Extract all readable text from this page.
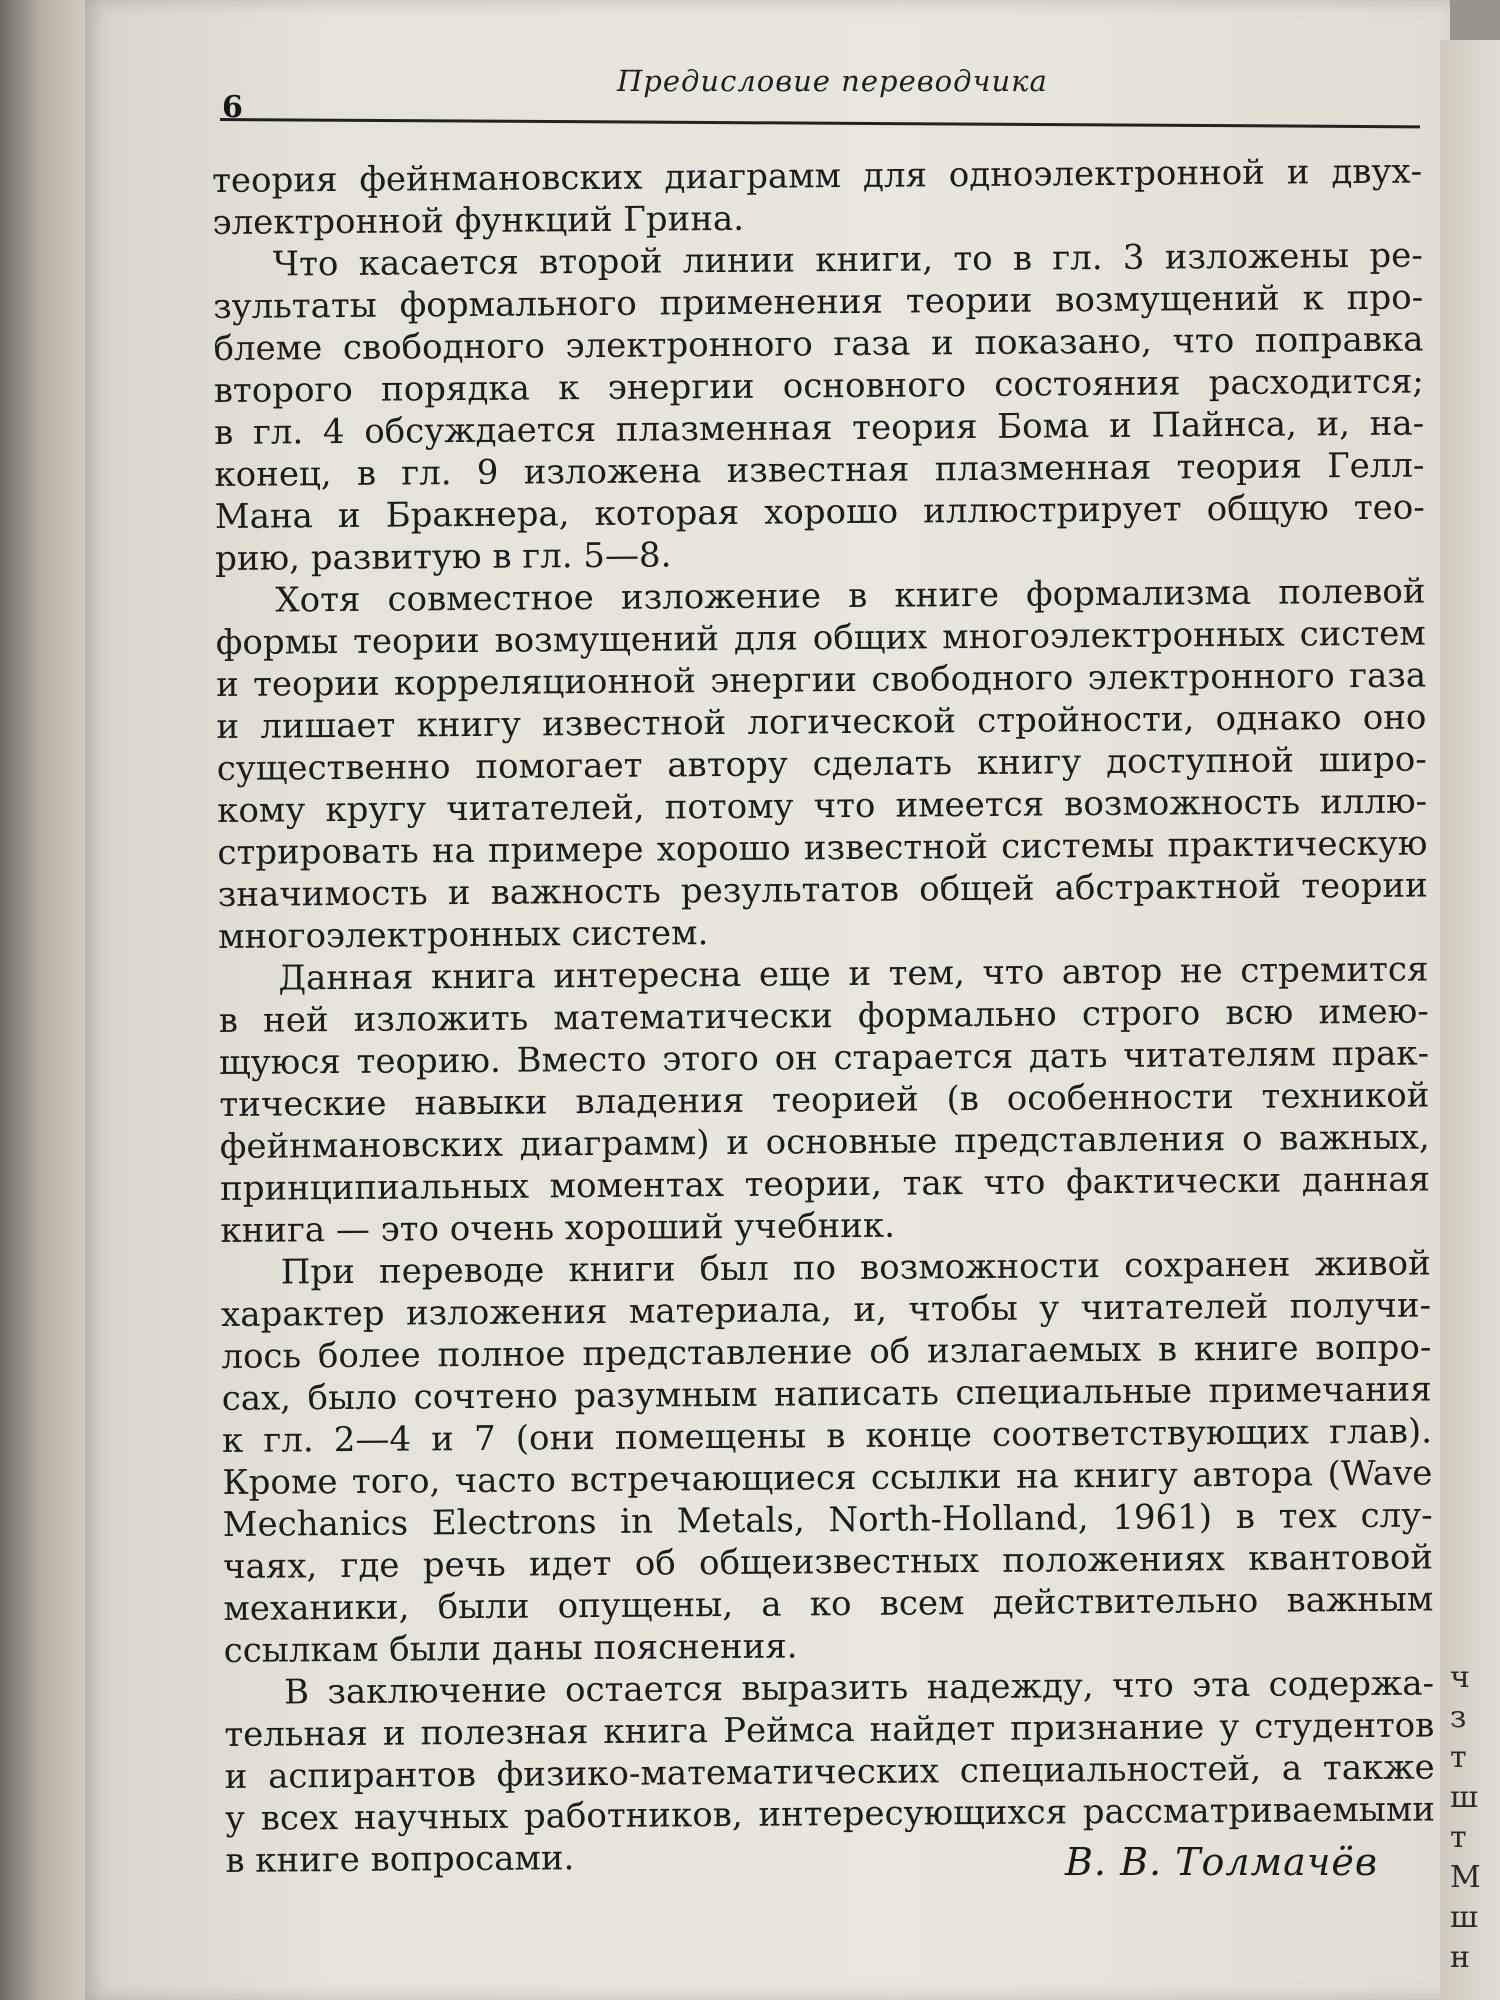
ч
з
т
ш
т
М
ш
н
6
Предисловие переводчика
теория фейнмановских диаграмм для одноэлектронной и двух-
электронной функций Грина.
Что касается второй линии книги, то в гл. 3 изложены ре-
зультаты формального применения теории возмущений к про-
блеме свободного электронного газа и показано, что поправка
второго порядка к энергии основного состояния расходится;
в гл. 4 обсуждается плазменная теория Бома и Пайнса, и, на-
конец, в гл. 9 изложена известная плазменная теория Гелл-
Мана и Бракнера, которая хорошо иллюстрирует общую тео-
рию, развитую в гл. 5—8.
Хотя совместное изложение в книге формализма полевой
формы теории возмущений для общих многоэлектронных систем
и теории корреляционной энергии свободного электронного газа
и лишает книгу известной логической стройности, однако оно
существенно помогает автору сделать книгу доступной широ-
кому кругу читателей, потому что имеется возможность иллю-
стрировать на примере хорошо известной системы практическую
значимость и важность результатов общей абстрактной теории
многоэлектронных систем.
Данная книга интересна еще и тем, что автор не стремится
в ней изложить математически формально строго всю имею-
щуюся теорию. Вместо этого он старается дать читателям прак-
тические навыки владения теорией (в особенности техникой
фейнмановских диаграмм) и основные представления о важных,
принципиальных моментах теории, так что фактически данная
книга — это очень хороший учебник.
При переводе книги был по возможности сохранен живой
характер изложения материала, и, чтобы у читателей получи-
лось более полное представление об излагаемых в книге вопро-
сах, было сочтено разумным написать специальные примечания
к гл. 2—4 и 7 (они помещены в конце соответствующих глав).
Кроме того, часто встречающиеся ссылки на книгу автора (Wave
Mechanics Electrons in Metals, North-Holland, 1961) в тех слу-
чаях, где речь идет об общеизвестных положениях квантовой
механики, были опущены, а ко всем действительно важным
ссылкам были даны пояснения.
В заключение остается выразить надежду, что эта содержа-
тельная и полезная книга Реймса найдет признание у студентов
и аспирантов физико-математических специальностей, а также
у всех научных работников, интересующихся рассматриваемыми
в книге вопросами.	В. В. Толмачёв
